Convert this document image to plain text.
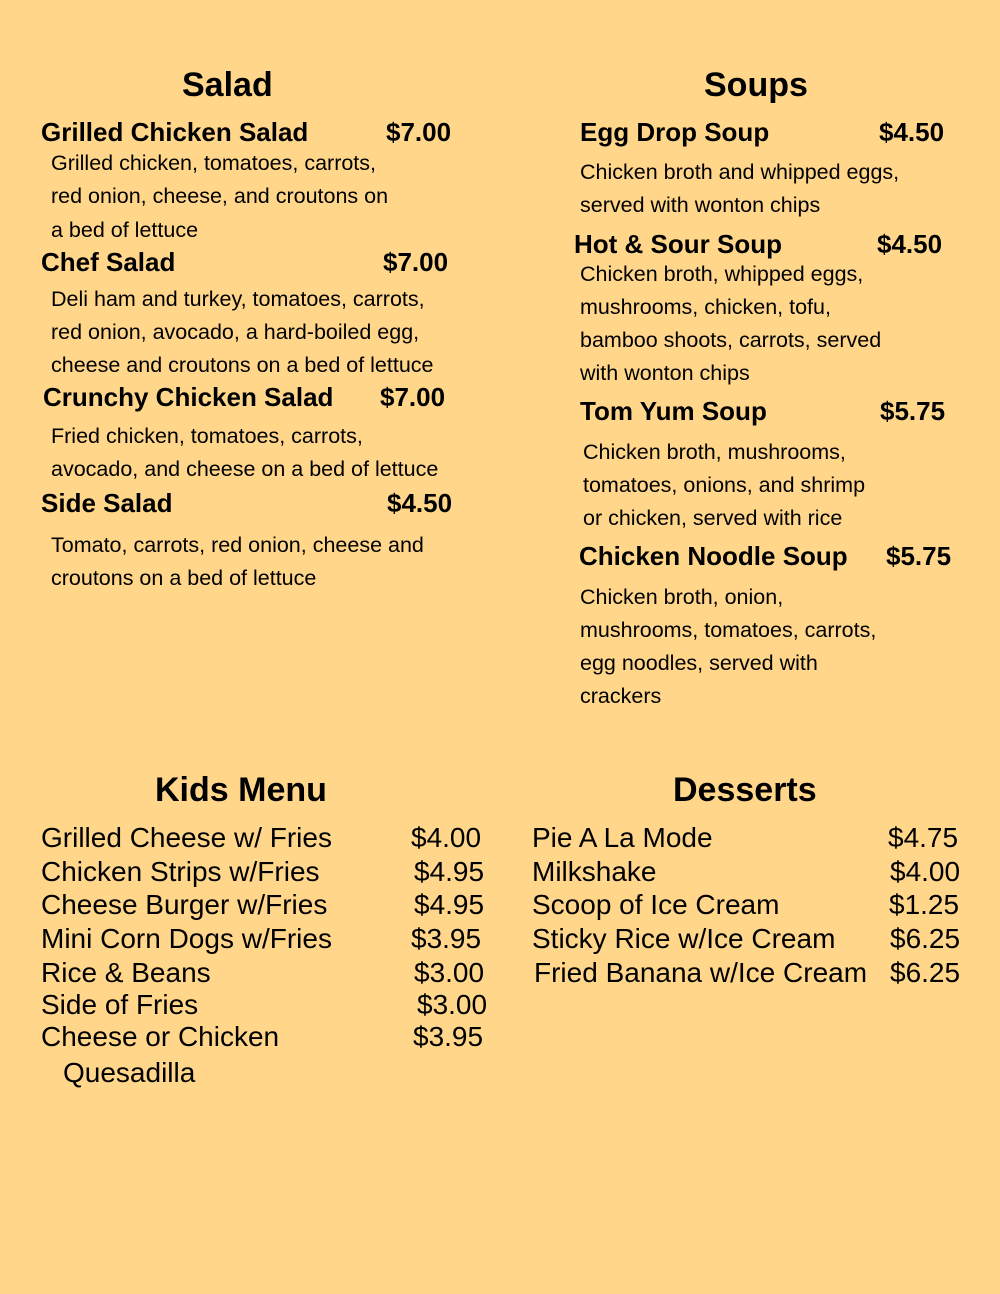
Salad
Grilled Chicken Salad	$7.00
Grilled chicken, tomatoes, carrots,
red onion, cheese, and croutons on
a bed of lettuce
Chef Salad	$7.00
Deli ham and turkey, tomatoes, carrots,
red onion, avocado, a hard-boiled egg,
cheese and croutons on a bed of lettuce
Crunchy Chicken Salad $7.00
Fried chicken, tomatoes, carrots,
avocado, and cheese on a bed of lettuce
Side Salad	$4.50
Tomato, carrots, red onion, cheese and
croutons on a bed of lettuce
Soups
Egg Drop Soup	$4.50
Chicken broth and whipped eggs,
served with wonton chips
Hot & Sour Soup	$4.50
Chicken broth, whipped eggs,
mushrooms, chicken, tofu,
bamboo shoots, carrots, served
with wonton chips
Tom Yum Soup	$5.75
Chicken broth, mushrooms,
tomatoes, onions, and shrimp
or chicken, served with rice
Chicken Noodle Soup $5.75
Chicken broth, onion,
mushrooms, tomatoes, carrots,
egg noodles, served with
crackers
Kids Menu
Grilled Cheese w/ Fries	$4.00
Chicken Strips w/Fries	$4.95
Cheese Burger w/Fries	$4.95
Mini Corn Dogs w/Fries	$3.95
Rice & Beans	$3.00
Side of Fries	$3.00
Cheese or Chicken	$3.95
Quesadilla
Desserts
Pie A La Mode	$4.75
Milkshake	$4.00
Scoop of Ice Cream	$1.25
Sticky Rice w/Ice Cream $6.25
Fried Banana w/Ice Cream $6.25
